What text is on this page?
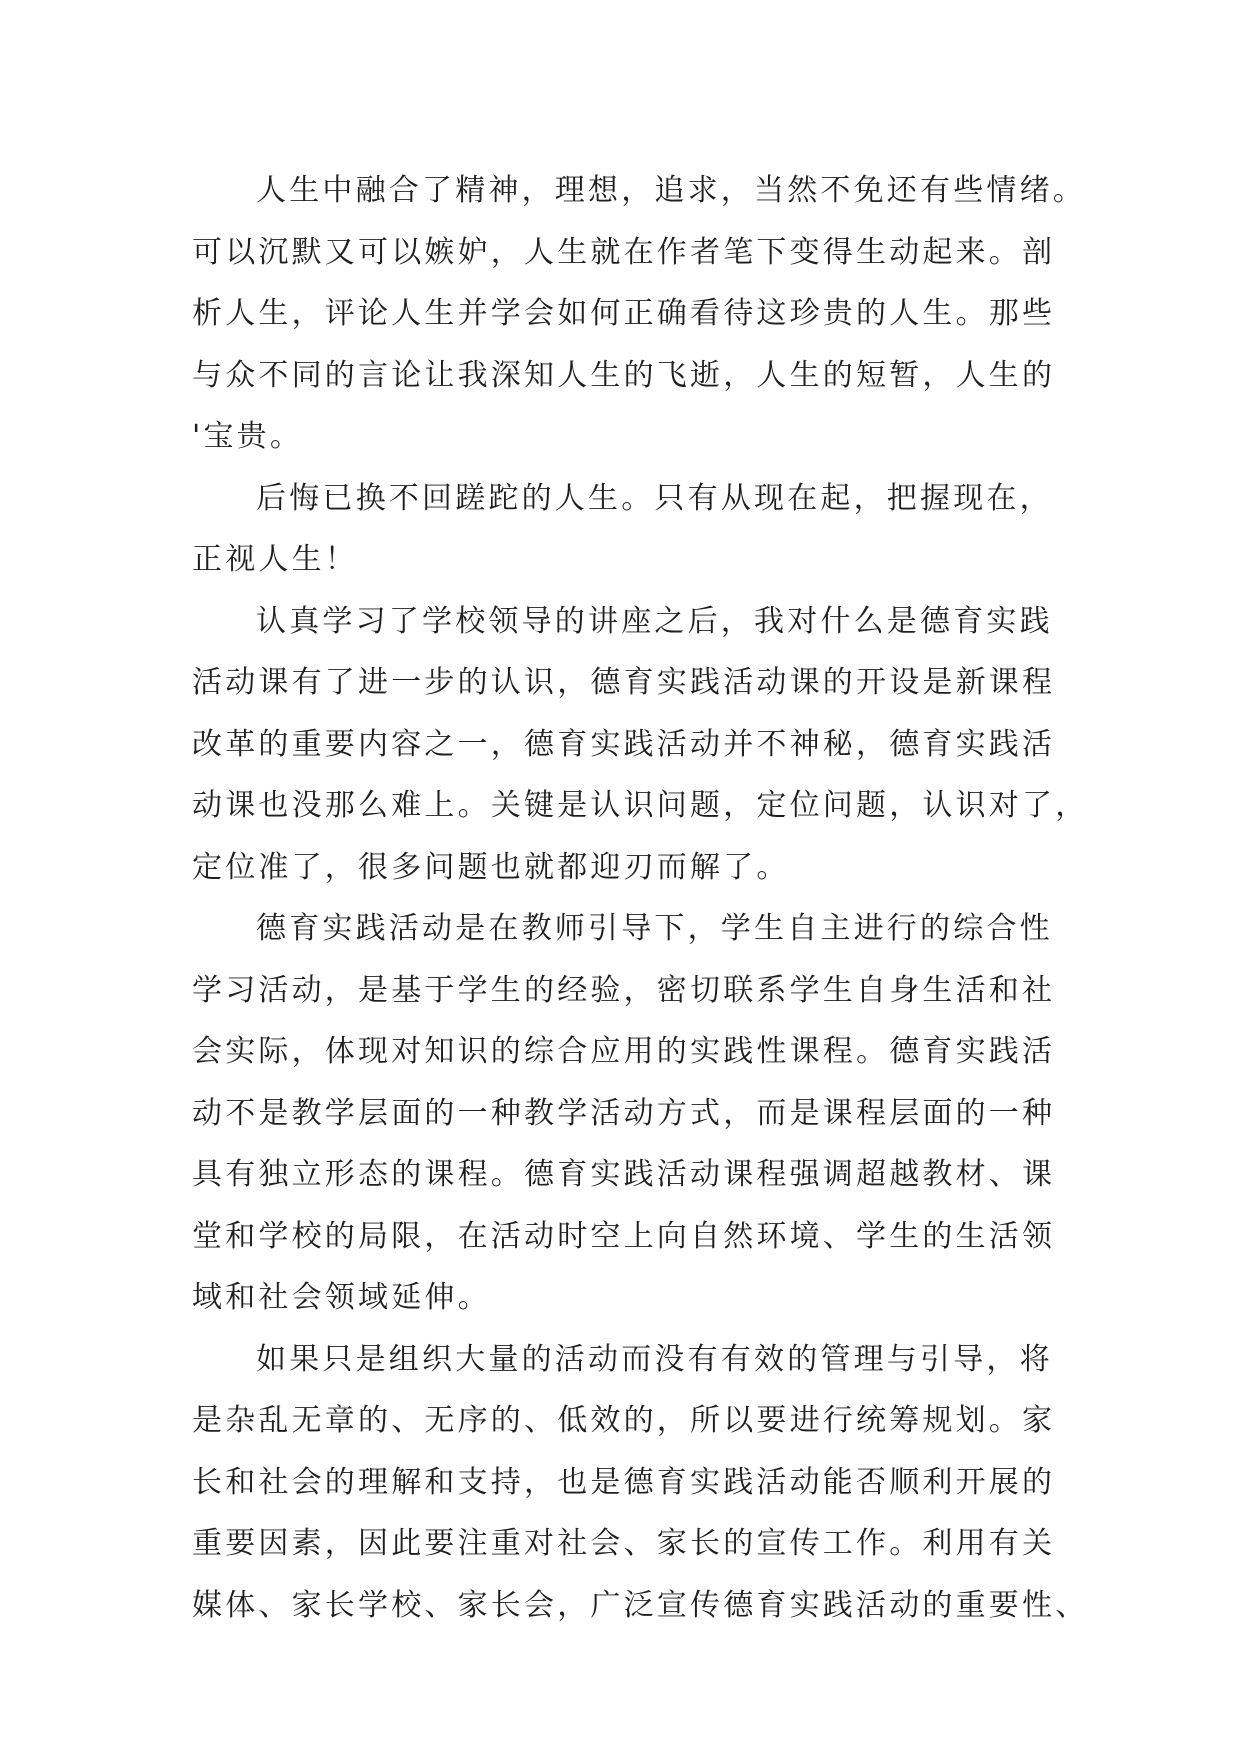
人生中融合了精神，理想，追求，当然不免还有些情绪。
可以沉默又可以嫉妒，人生就在作者笔下变得生动起来。剖
析人生，评论人生并学会如何正确看待这珍贵的人生。那些
与众不同的言论让我深知人生的飞逝，人生的短暂，人生的
'宝贵。
后悔已换不回蹉跎的人生。只有从现在起，把握现在，
正视人生！
认真学习了学校领导的讲座之后，我对什么是德育实践
活动课有了进一步的认识，德育实践活动课的开设是新课程
改革的重要内容之一，德育实践活动并不神秘，德育实践活
动课也没那么难上。关键是认识问题，定位问题，认识对了，
定位准了，很多问题也就都迎刃而解了。
德育实践活动是在教师引导下，学生自主进行的综合性
学习活动，是基于学生的经验，密切联系学生自身生活和社
会实际，体现对知识的综合应用的实践性课程。德育实践活
动不是教学层面的一种教学活动方式，而是课程层面的一种
具有独立形态的课程。德育实践活动课程强调超越教材、课
堂和学校的局限，在活动时空上向自然环境、学生的生活领
域和社会领域延伸。
如果只是组织大量的活动而没有有效的管理与引导，将
是杂乱无章的、无序的、低效的，所以要进行统筹规划。家
长和社会的理解和支持，也是德育实践活动能否顺利开展的
重要因素，因此要注重对社会、家长的宣传工作。利用有关
媒体、家长学校、家长会，广泛宣传德育实践活动的重要性、
